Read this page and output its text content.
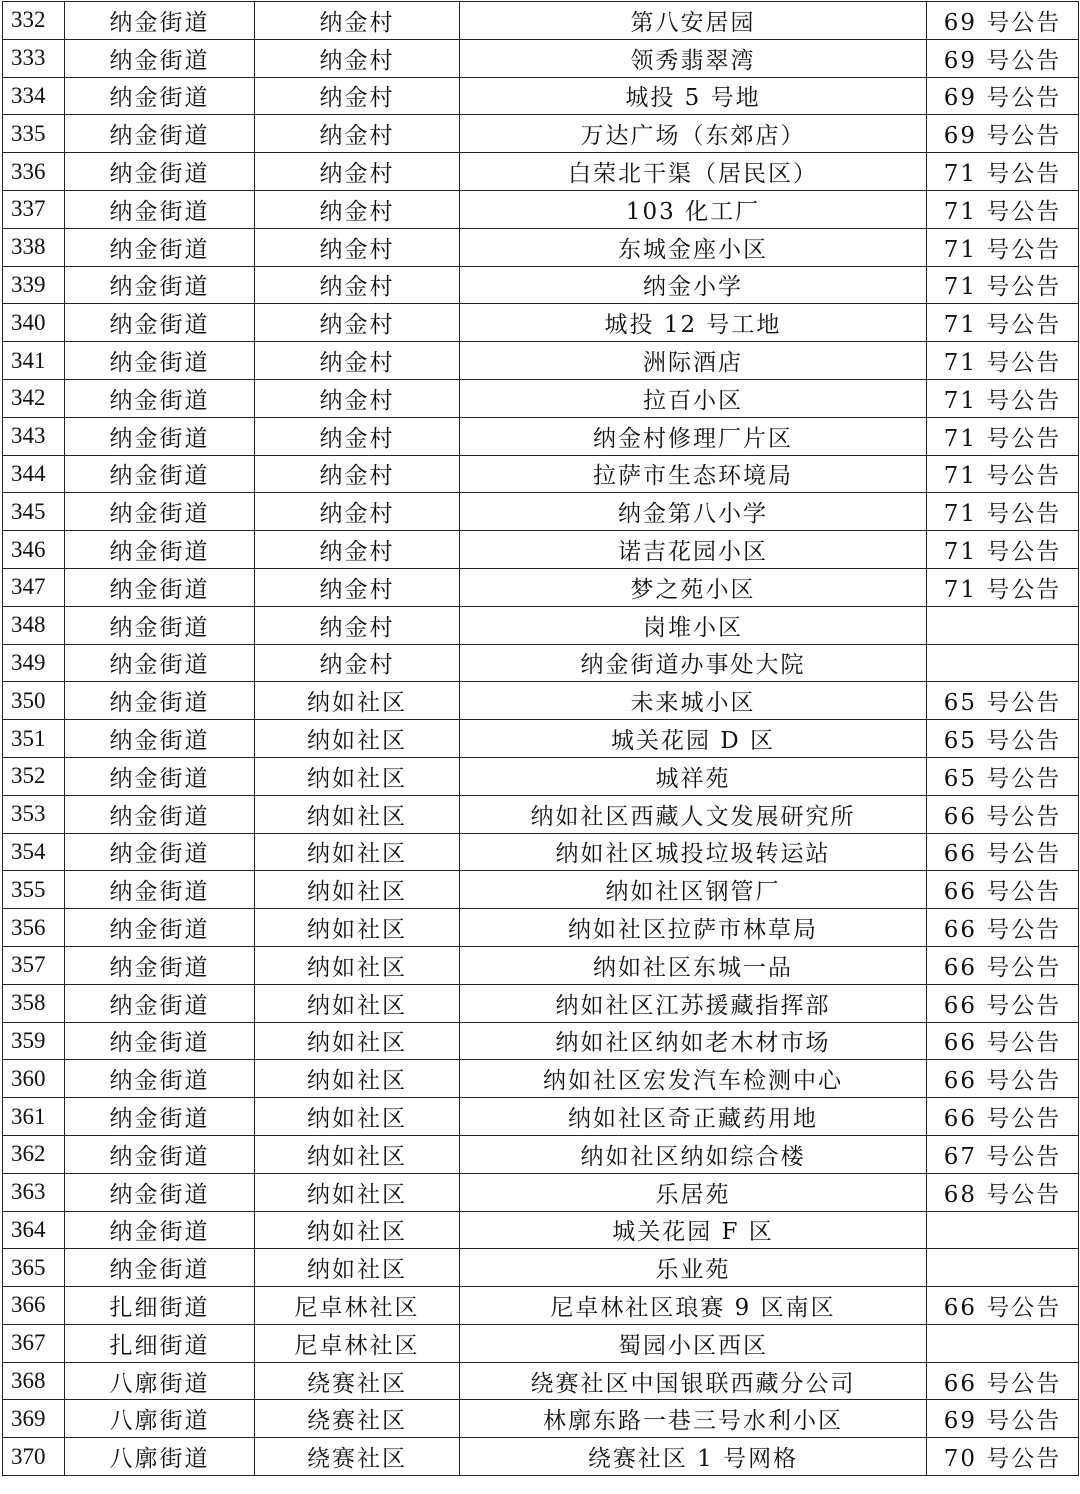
332	纳金街道	纳金村	第八安居园	69 号公告
333	纳金街道	纳金村	领秀翡翠湾	69 号公告
334	纳金街道	纳金村	城投 5 号地	69 号公告
335	纳金街道	纳金村	万达广场（东郊店）	69 号公告
336	纳金街道	纳金村	白荣北干渠（居民区）	71 号公告
337	纳金街道	纳金村	103 化工厂	71 号公告
338	纳金街道	纳金村	东城金座小区	71 号公告
339	纳金街道	纳金村	纳金小学	71 号公告
340	纳金街道	纳金村	城投 12 号工地	71 号公告
341	纳金街道	纳金村	洲际酒店	71 号公告
342	纳金街道	纳金村	拉百小区	71 号公告
343	纳金街道	纳金村	纳金村修理厂片区	71 号公告
344	纳金街道	纳金村	拉萨市生态环境局	71 号公告
345	纳金街道	纳金村	纳金第八小学	71 号公告
346	纳金街道	纳金村	诺吉花园小区	71 号公告
347	纳金街道	纳金村	梦之苑小区	71 号公告
348	纳金街道	纳金村	岗堆小区	
349	纳金街道	纳金村	纳金街道办事处大院	
350	纳金街道	纳如社区	未来城小区	65 号公告
351	纳金街道	纳如社区	城关花园 D 区	65 号公告
352	纳金街道	纳如社区	城祥苑	65 号公告
353	纳金街道	纳如社区	纳如社区西藏人文发展研究所	66 号公告
354	纳金街道	纳如社区	纳如社区城投垃圾转运站	66 号公告
355	纳金街道	纳如社区	纳如社区钢管厂	66 号公告
356	纳金街道	纳如社区	纳如社区拉萨市林草局	66 号公告
357	纳金街道	纳如社区	纳如社区东城一品	66 号公告
358	纳金街道	纳如社区	纳如社区江苏援藏指挥部	66 号公告
359	纳金街道	纳如社区	纳如社区纳如老木材市场	66 号公告
360	纳金街道	纳如社区	纳如社区宏发汽车检测中心	66 号公告
361	纳金街道	纳如社区	纳如社区奇正藏药用地	66 号公告
362	纳金街道	纳如社区	纳如社区纳如综合楼	67 号公告
363	纳金街道	纳如社区	乐居苑	68 号公告
364	纳金街道	纳如社区	城关花园 F 区	
365	纳金街道	纳如社区	乐业苑	
366	扎细街道	尼卓林社区	尼卓林社区琅赛 9 区南区	66 号公告
367	扎细街道	尼卓林社区	蜀园小区西区	
368	八廓街道	绕赛社区	绕赛社区中国银联西藏分公司	66 号公告
369	八廓街道	绕赛社区	林廓东路一巷三号水利小区	69 号公告
370	八廓街道	绕赛社区	绕赛社区 1 号网格	70 号公告
